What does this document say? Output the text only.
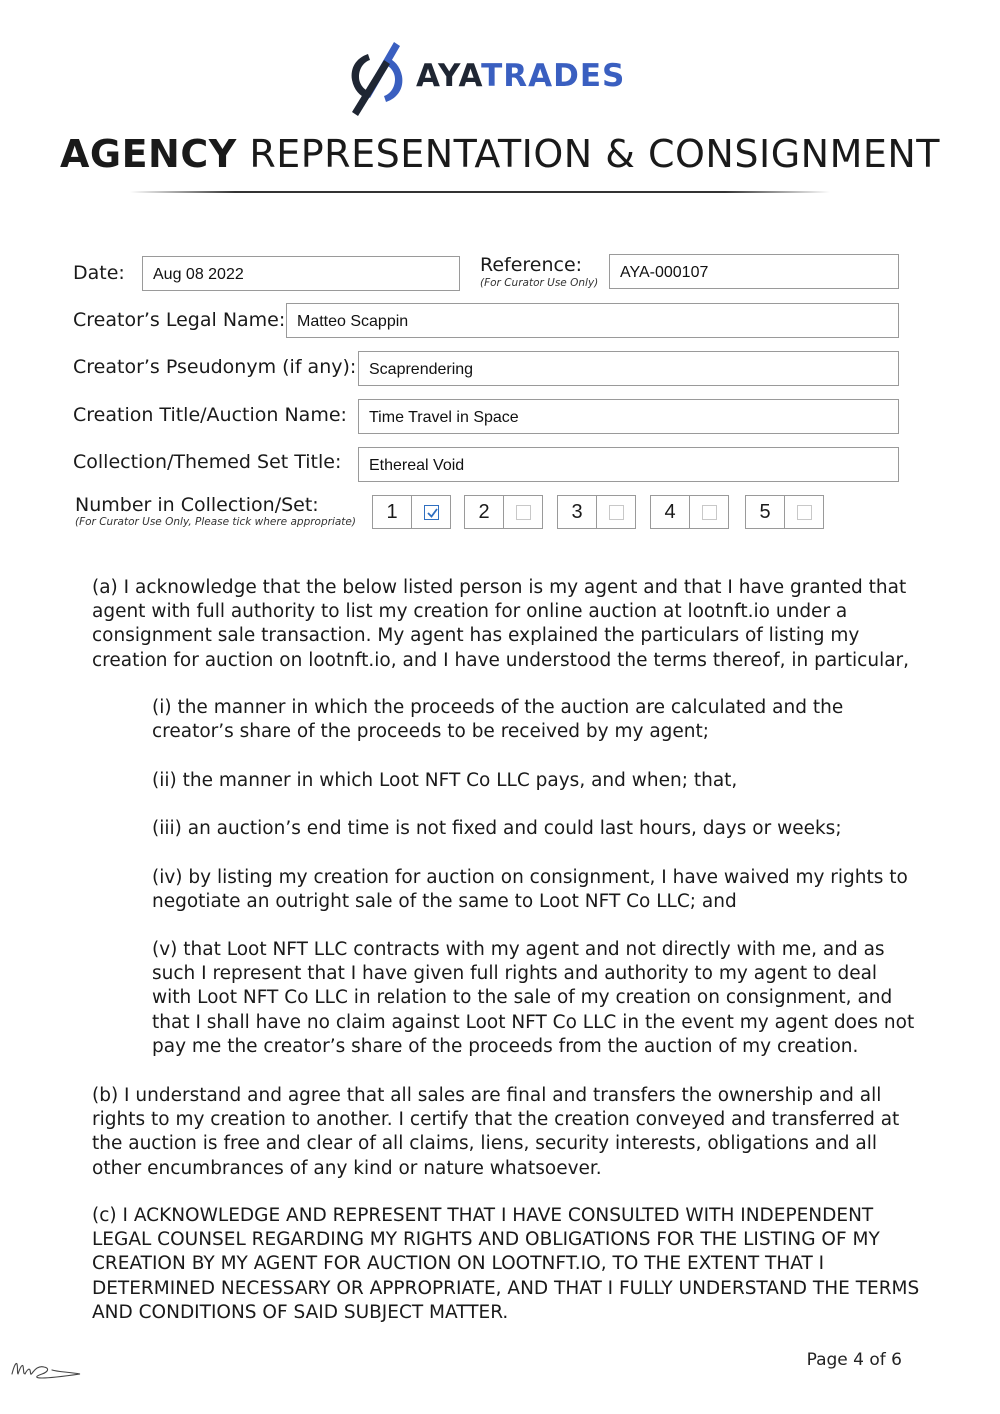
AYATRADES
AGENCY REPRESENTATION & CONSIGNMENT
Date:	Aug 08 2022	Reference:
(For Curator Use Only)
AYA-000107
Creator’s Legal Name: Matteo Scappin
Creator’s Pseudonym (if any): Scaprendering
Creation Title/Auction Name:	Time Travel in Space
Collection/Themed Set Title:	Ethereal Void
Number in Collection/Set:
(For Curator Use Only, Please tick where appropriate)	1	2	3	4	5
(a) I acknowledge that the below listed person is my agent and that I have granted that agent with full authority to list my creation for online auction at lootnft.io under a consignment sale transaction. My agent has explained the particulars of listing my creation for auction on lootnft.io, and I have understood the terms thereof, in particular,
(i) the manner in which the proceeds of the auction are calculated and the creator’s share of the proceeds to be received by my agent;
(ii) the manner in which Loot NFT Co LLC pays, and when; that,
(iii) an auction’s end time is not fixed and could last hours, days or weeks;
(iv) by listing my creation for auction on consignment, I have waived my rights to negotiate an outright sale of the same to Loot NFT Co LLC; and
(v) that Loot NFT LLC contracts with my agent and not directly with me, and as such I represent that I have given full rights and authority to my agent to deal with Loot NFT Co LLC in relation to the sale of my creation on consignment, and that I shall have no claim against Loot NFT Co LLC in the event my agent does not pay me the creator’s share of the proceeds from the auction of my creation.
(b) I understand and agree that all sales are final and transfers the ownership and all rights to my creation to another. I certify that the creation conveyed and transferred at the auction is free and clear of all claims, liens, security interests, obligations and all other encumbrances of any kind or nature whatsoever.
(c) I ACKNOWLEDGE AND REPRESENT THAT I HAVE CONSULTED WITH INDEPENDENT LEGAL COUNSEL REGARDING MY RIGHTS AND OBLIGATIONS FOR THE LISTING OF MY CREATION BY MY AGENT FOR AUCTION ON LOOTNFT.IO, TO THE EXTENT THAT I DETERMINED NECESSARY OR APPROPRIATE, AND THAT I FULLY UNDERSTAND THE TERMS AND CONDITIONS OF SAID SUBJECT MATTER.
Page 4 of 6
